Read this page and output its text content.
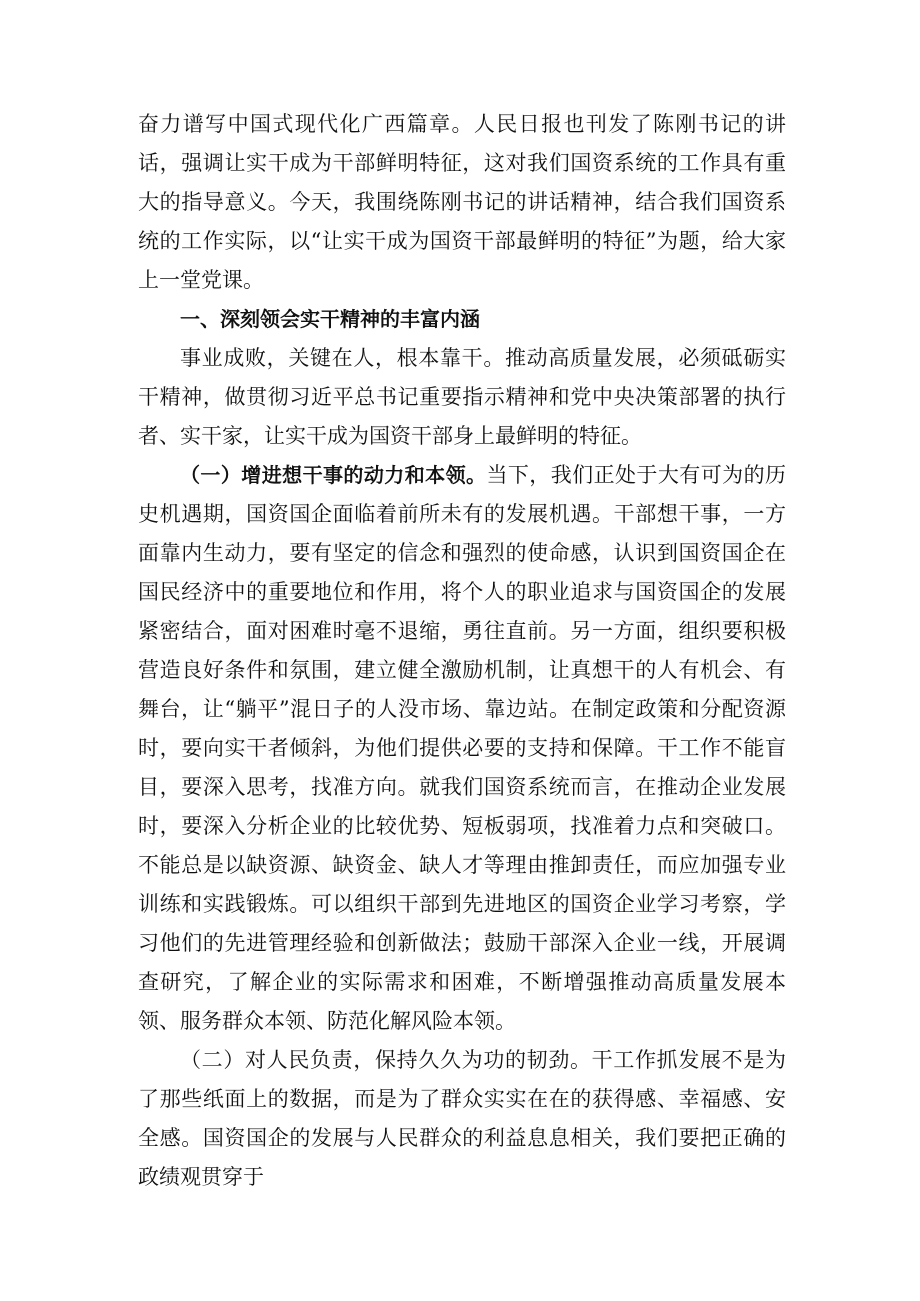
奋力谱写中国式现代化广西篇章。人民日报也刊发了陈刚书记的讲话，强调让实干成为干部鲜明特征，这对我们国资系统的工作具有重大的指导意义。今天，我围绕陈刚书记的讲话精神，结合我们国资系统的工作实际，以“让实干成为国资干部最鲜明的特征”为题，给大家上一堂党课。

一、深刻领会实干精神的丰富内涵

事业成败，关键在人，根本靠干。推动高质量发展，必须砥砺实干精神，做贯彻习近平总书记重要指示精神和党中央决策部署的执行者、实干家，让实干成为国资干部身上最鲜明的特征。

（一）增进想干事的动力和本领。当下，我们正处于大有可为的历史机遇期，国资国企面临着前所未有的发展机遇。干部想干事，一方面靠内生动力，要有坚定的信念和强烈的使命感，认识到国资国企在国民经济中的重要地位和作用，将个人的职业追求与国资国企的发展紧密结合，面对困难时毫不退缩，勇往直前。另一方面，组织要积极营造良好条件和氛围，建立健全激励机制，让真想干的人有机会、有舞台，让“躺平”混日子的人没市场、靠边站。在制定政策和分配资源时，要向实干者倾斜，为他们提供必要的支持和保障。干工作不能盲目，要深入思考，找准方向。就我们国资系统而言，在推动企业发展时，要深入分析企业的比较优势、短板弱项，找准着力点和突破口。不能总是以缺资源、缺资金、缺人才等理由推卸责任，而应加强专业训练和实践锻炼。可以组织干部到先进地区的国资企业学习考察，学习他们的先进管理经验和创新做法；鼓励干部深入企业一线，开展调查研究，了解企业的实际需求和困难，不断增强推动高质量发展本领、服务群众本领、防范化解风险本领。

（二）对人民负责，保持久久为功的韧劲。干工作抓发展不是为了那些纸面上的数据，而是为了群众实实在在的获得感、幸福感、安全感。国资国企的发展与人民群众的利益息息相关，我们要把正确的政绩观贯穿于
